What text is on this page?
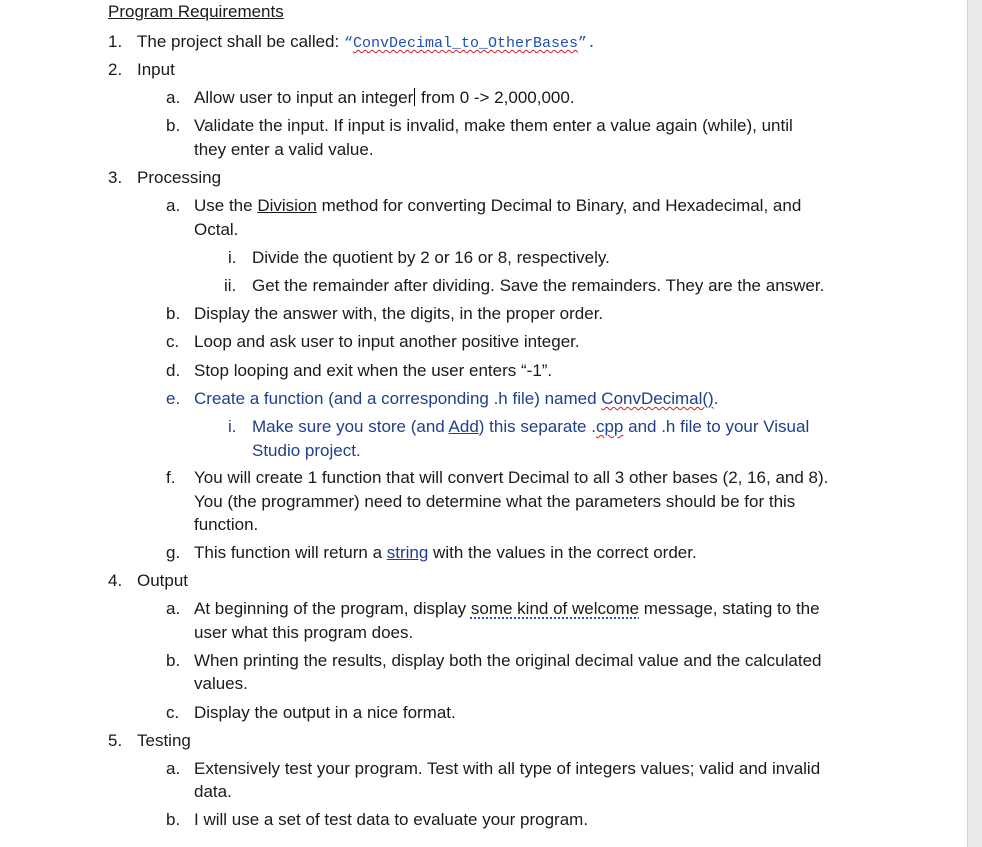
Program Requirements
1. The project shall be called: “ConvDecimal_to_OtherBases”.
2. Input
a. Allow user to input an integer from 0 -> 2,000,000.
b. Validate the input. If input is invalid, make them enter a value again (while), until
they enter a valid value.
3. Processing
a. Use the Division method for converting Decimal to Binary, and Hexadecimal, and
Octal.
i. Divide the quotient by 2 or 16 or 8, respectively.
ii. Get the remainder after dividing. Save the remainders. They are the answer.
b. Display the answer with, the digits, in the proper order.
c. Loop and ask user to input another positive integer.
d. Stop looping and exit when the user enters “-1”.
e. Create a function (and a corresponding .h file) named ConvDecimal().
i. Make sure you store (and Add) this separate .cpp and .h file to your Visual
Studio project.
f. You will create 1 function that will convert Decimal to all 3 other bases (2, 16, and 8).
You (the programmer) need to determine what the parameters should be for this
function.
g. This function will return a string with the values in the correct order.
4. Output
a. At beginning of the program, display some kind of welcome message, stating to the
user what this program does.
b. When printing the results, display both the original decimal value and the calculated
values.
c. Display the output in a nice format.
5. Testing
a. Extensively test your program. Test with all type of integers values; valid and invalid
data.
b. I will use a set of test data to evaluate your program.
